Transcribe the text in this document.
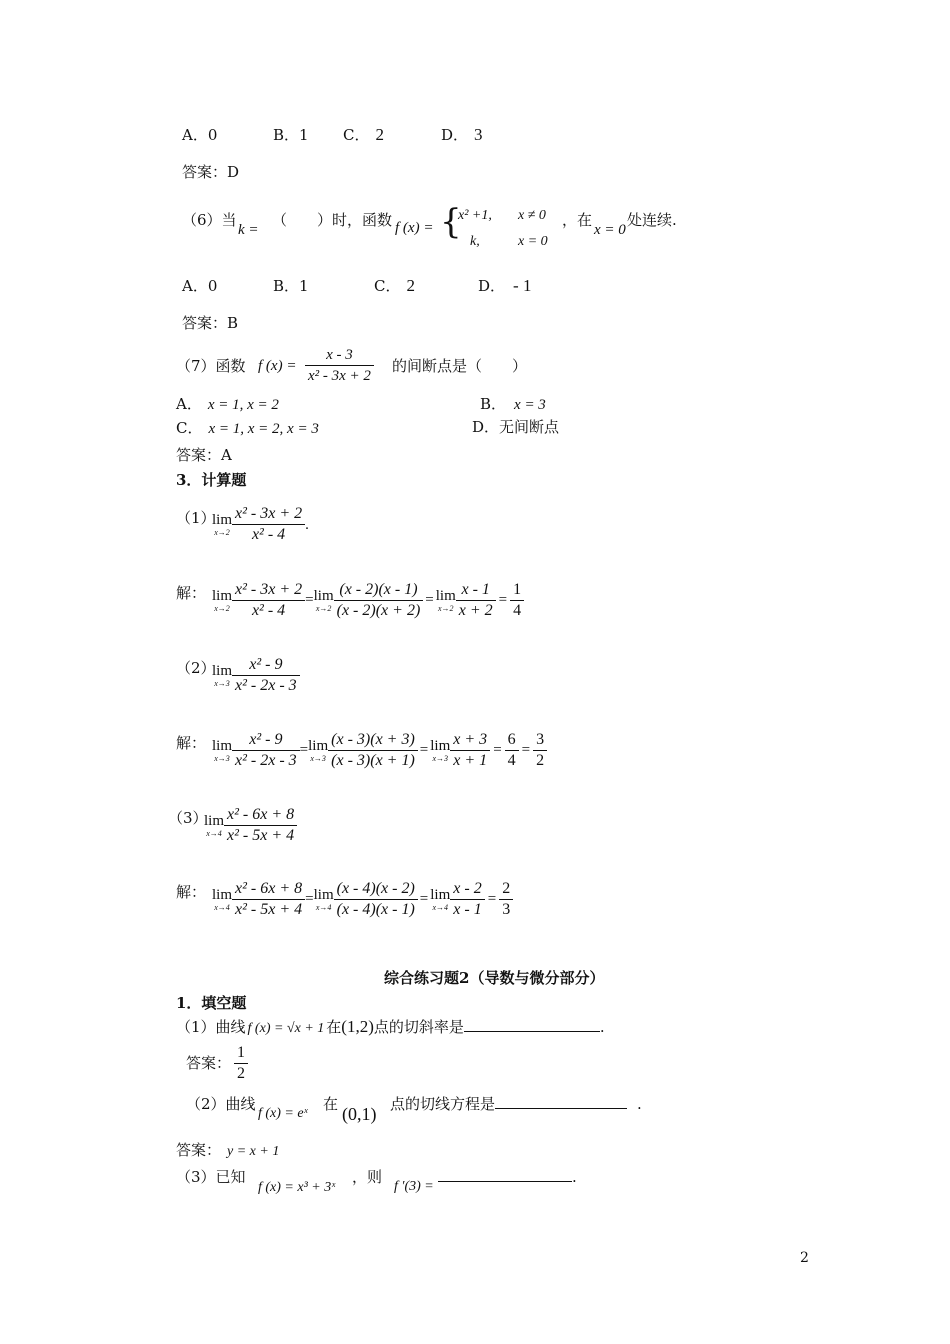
A．0	B．1 C． 2	D． 3
答案：D
（6）当
k =
（　　）时，函数 f (x) = {
x² +1, x ≠ 0
k,	x = 0
，在
x = 0
处连续.
A．0	B．1	C． 2	D． - 1
答案：B
（7）函数 f $(x) = \frac{x - 3}{\text{x² - 3x + 2}}$ 的间断点是（　　）
A． x = 1, x = 2	B． x = 3
C． x = 1, x = 2, x = 3	D．无间断点
答案：A
3．计算题
（1）
lim
$x\to 2 \frac{\text{x² - 3x + 2}}{\text{x² - 4}}$ .
解： lim
$x\to 2 \frac{\text{x² - 3x + 2}}{\text{x² - 4}} =\lim$
$x\to 2 \frac{(x - 2)(x - 1)}{(x - 2)(x + 2)} = \lim$
$x\to 2 \frac{x - 1}{x + 2} = \frac{1}{4}$
（2）
lim
$x\to 3 \frac{\text{x² - 9}}{\text{x² - 2x - 3}}$
解： lim
$x\to 3 \frac{\text{x² - 9}}{\text{x² - 2x - 3}} =\lim$
$x\to 3 \frac{(x - 3)(x + 3)}{(x - 3)(x + 1)} = \lim$
$x\to 3 \frac{x + 3}{x + 1} = \frac{6}{4} = \frac{3}{2}$
（3）
lim
$x\to 4 \frac{\text{x² - 6x + 8}}{\text{x² - 5x + 4}}$
解： lim
$x\to 4 \frac{\text{x² - 6x + 8}}{\text{x² - 5x + 4}} =\lim$
$x\to 4 \frac{(x - 4)(x - 2)}{(x - 4)(x - 1)} = \lim$
$x\to 4 \frac{x - 2}{x - 1} = \frac{2}{3}$
综合练习题2（导数与微分部分）
1．填空题
（1）曲线 f (x) = √x + 1 在(1,2)点的切斜率是	.
答案： $\frac{1}{2}$
（2）曲线
f (x) = eˣ
在 (0,1) 点的切线方程是	.
答案： y = x + 1
（3）已知
f (x) = x³ + 3ˣ
，则
f ′(3) =
.
2
